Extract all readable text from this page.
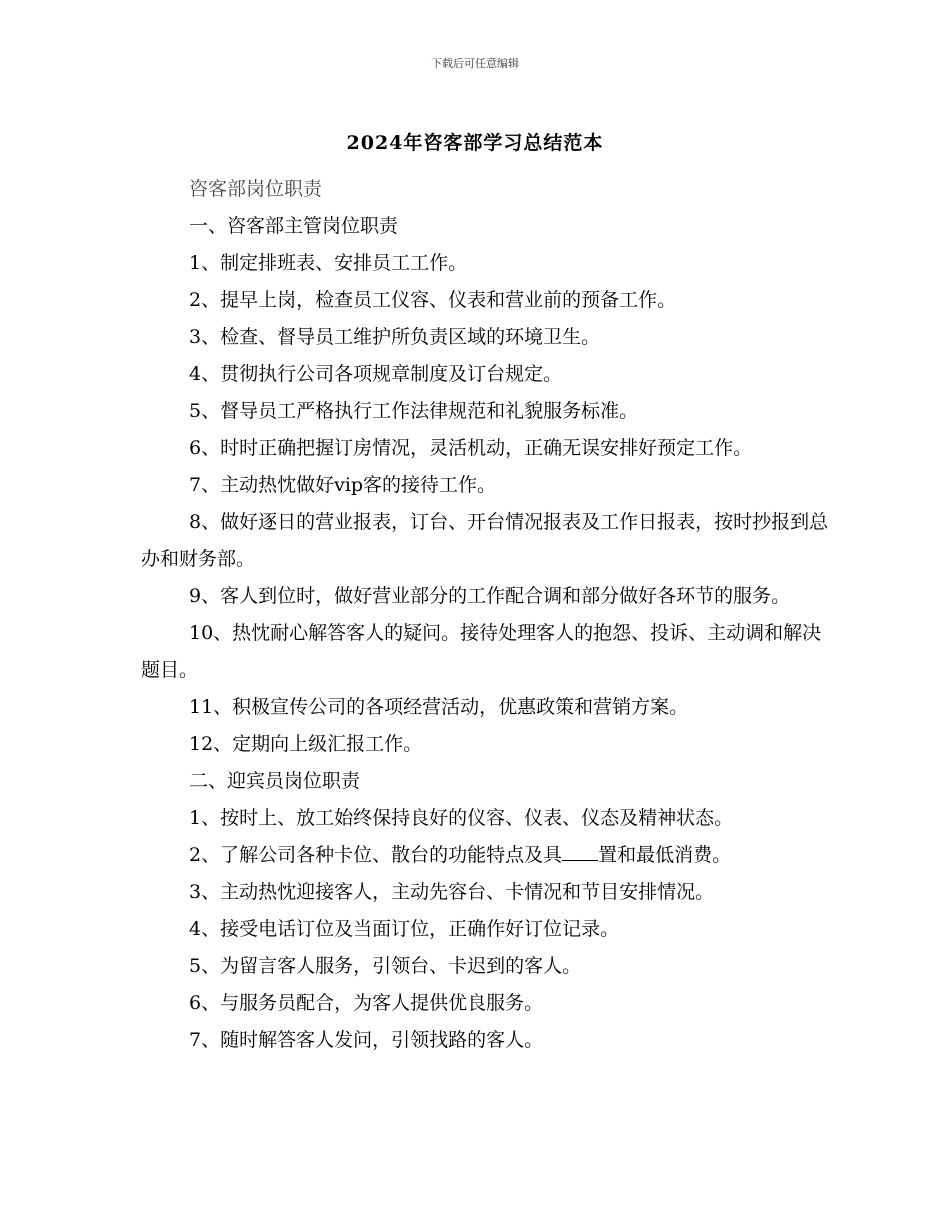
下载后可任意编辑
2024年咨客部学习总结范本

咨客部岗位职责

一、咨客部主管岗位职责

1、制定排班表、安排员工工作。

2、提早上岗，检查员工仪容、仪表和营业前的预备工作。

3、检查、督导员工维护所负责区域的环境卫生。

4、贯彻执行公司各项规章制度及订台规定。

5、督导员工严格执行工作法律规范和礼貌服务标准。

6、时时正确把握订房情况，灵活机动，正确无误安排好预定工作。

7、主动热忱做好vip客的接待工作。

8、做好逐日的营业报表，订台、开台情况报表及工作日报表，按时抄报到总办和财务部。

9、客人到位时，做好营业部分的工作配合调和部分做好各环节的服务。

10、热忱耐心解答客人的疑问。接待处理客人的抱怨、投诉、主动调和解决题目。

11、积极宣传公司的各项经营活动，优惠政策和营销方案。

12、定期向上级汇报工作。

二、迎宾员岗位职责

1、按时上、放工始终保持良好的仪容、仪表、仪态及精神状态。

2、了解公司各种卡位、散台的功能特点及具 置和最低消费。

3、主动热忱迎接客人，主动先容台、卡情况和节目安排情况。

4、接受电话订位及当面订位，正确作好订位记录。

5、为留言客人服务，引领台、卡迟到的客人。

6、与服务员配合，为客人提供优良服务。

7、随时解答客人发问，引领找路的客人。
